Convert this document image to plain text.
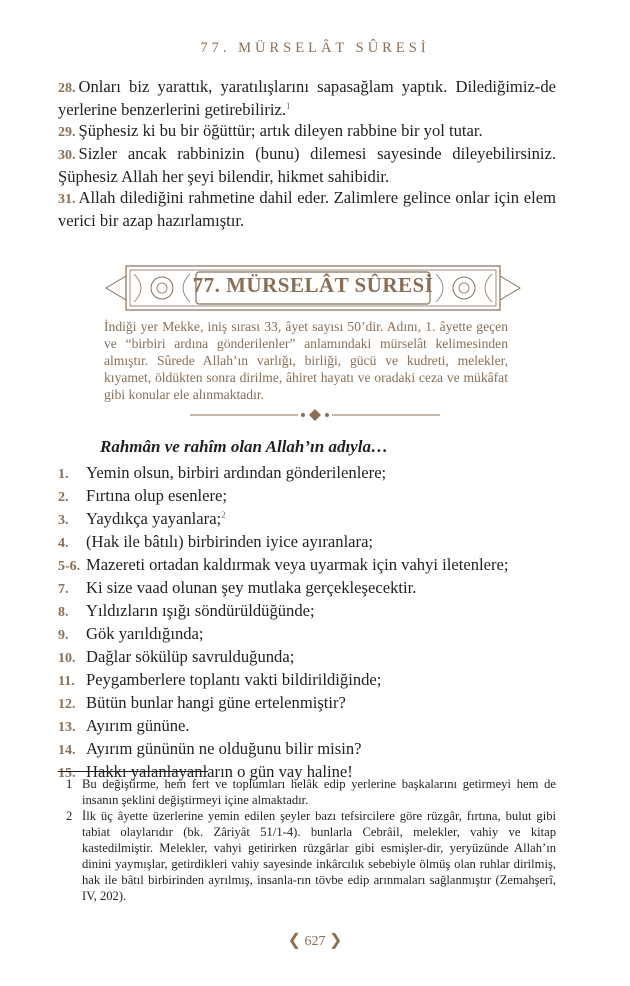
77. MÜRSELÂT SÛRESİ
28. Onları biz yarattık, yaratılışlarını sapasağlam yaptık. Dilediğimiz-de yerlerine benzerlerini getirebiliriz.$^1$
29. Şüphesiz ki bu bir öğüttür; artık dileyen rabbine bir yol tutar.
30. Sizler ancak rabbinizin (bunu) dilemesi sayesinde dileyebilirsiniz. Şüphesiz Allah her şeyi bilendir, hikmet sahibidir.
31. Allah dilediğini rahmetine dahil eder. Zalimlere gelince onlar için elem verici bir azap hazırlamıştır.
77. MÜRSELÂT SÛRESİ
İndiği yer Mekke, iniş sırası 33, âyet sayısı 50’dir. Adını, 1. âyette geçen ve “birbiri ardına gönderilenler” anlamındaki mürselât kelimesinden almıştır. Sûrede Allah’ın varlığı, birliği, gücü ve kudreti, melekler, kıyamet, öldükten sonra dirilme, âhiret hayatı ve oradaki ceza ve mükâfat gibi konular ele alınmaktadır.
Rahmân ve rahîm olan Allah’ın adıyla…
1. Yemin olsun, birbiri ardından gönderilenlere;
2. Fırtına olup esenlere;
3. Yaydıkça yayanlara;$^2$
4. (Hak ile bâtılı) birbirinden iyice ayıranlara;
5-6. Mazereti ortadan kaldırmak veya uyarmak için vahyi iletenlere;
7. Ki size vaad olunan şey mutlaka gerçekleşecektir.
8. Yıldızların ışığı söndürüldüğünde;
9. Gök yarıldığında;
10. Dağlar sökülüp savrulduğunda;
11. Peygamberlere toplantı vakti bildirildiğinde;
12. Bütün bunlar hangi güne ertelenmiştir?
13. Ayırım gününe.
14. Ayırım gününün ne olduğunu bilir misin?
15. Hakkı yalanlayanların o gün vay haline!
1 Bu değiştirme, hem fert ve toplumları helâk edip yerlerine başkalarını getirmeyi hem de insanın şeklini değiştirmeyi içine almaktadır.
2 İlk üç âyette üzerlerine yemin edilen şeyler bazı tefsircilere göre rüzgâr, fırtına, bulut gibi tabiat olaylarıdır (bk. Zâriyât 51/1-4). bunlarla Cebrâil, melekler, vahiy ve kitap kastedilmiştir. Melekler, vahyi getirirken rüzgârlar gibi esmişler-dir, yeryüzünde Allah’ın dinini yaymışlar, getirdikleri vahiy sayesinde inkârcılık sebebiyle ölmüş olan ruhlar dirilmiş, hak ile bâtıl birbirinden ayrılmış, insanla-rın tövbe edip arınmaları sağlanmıştır (Zemahşerî, IV, 202).
❮ 627 ❯
